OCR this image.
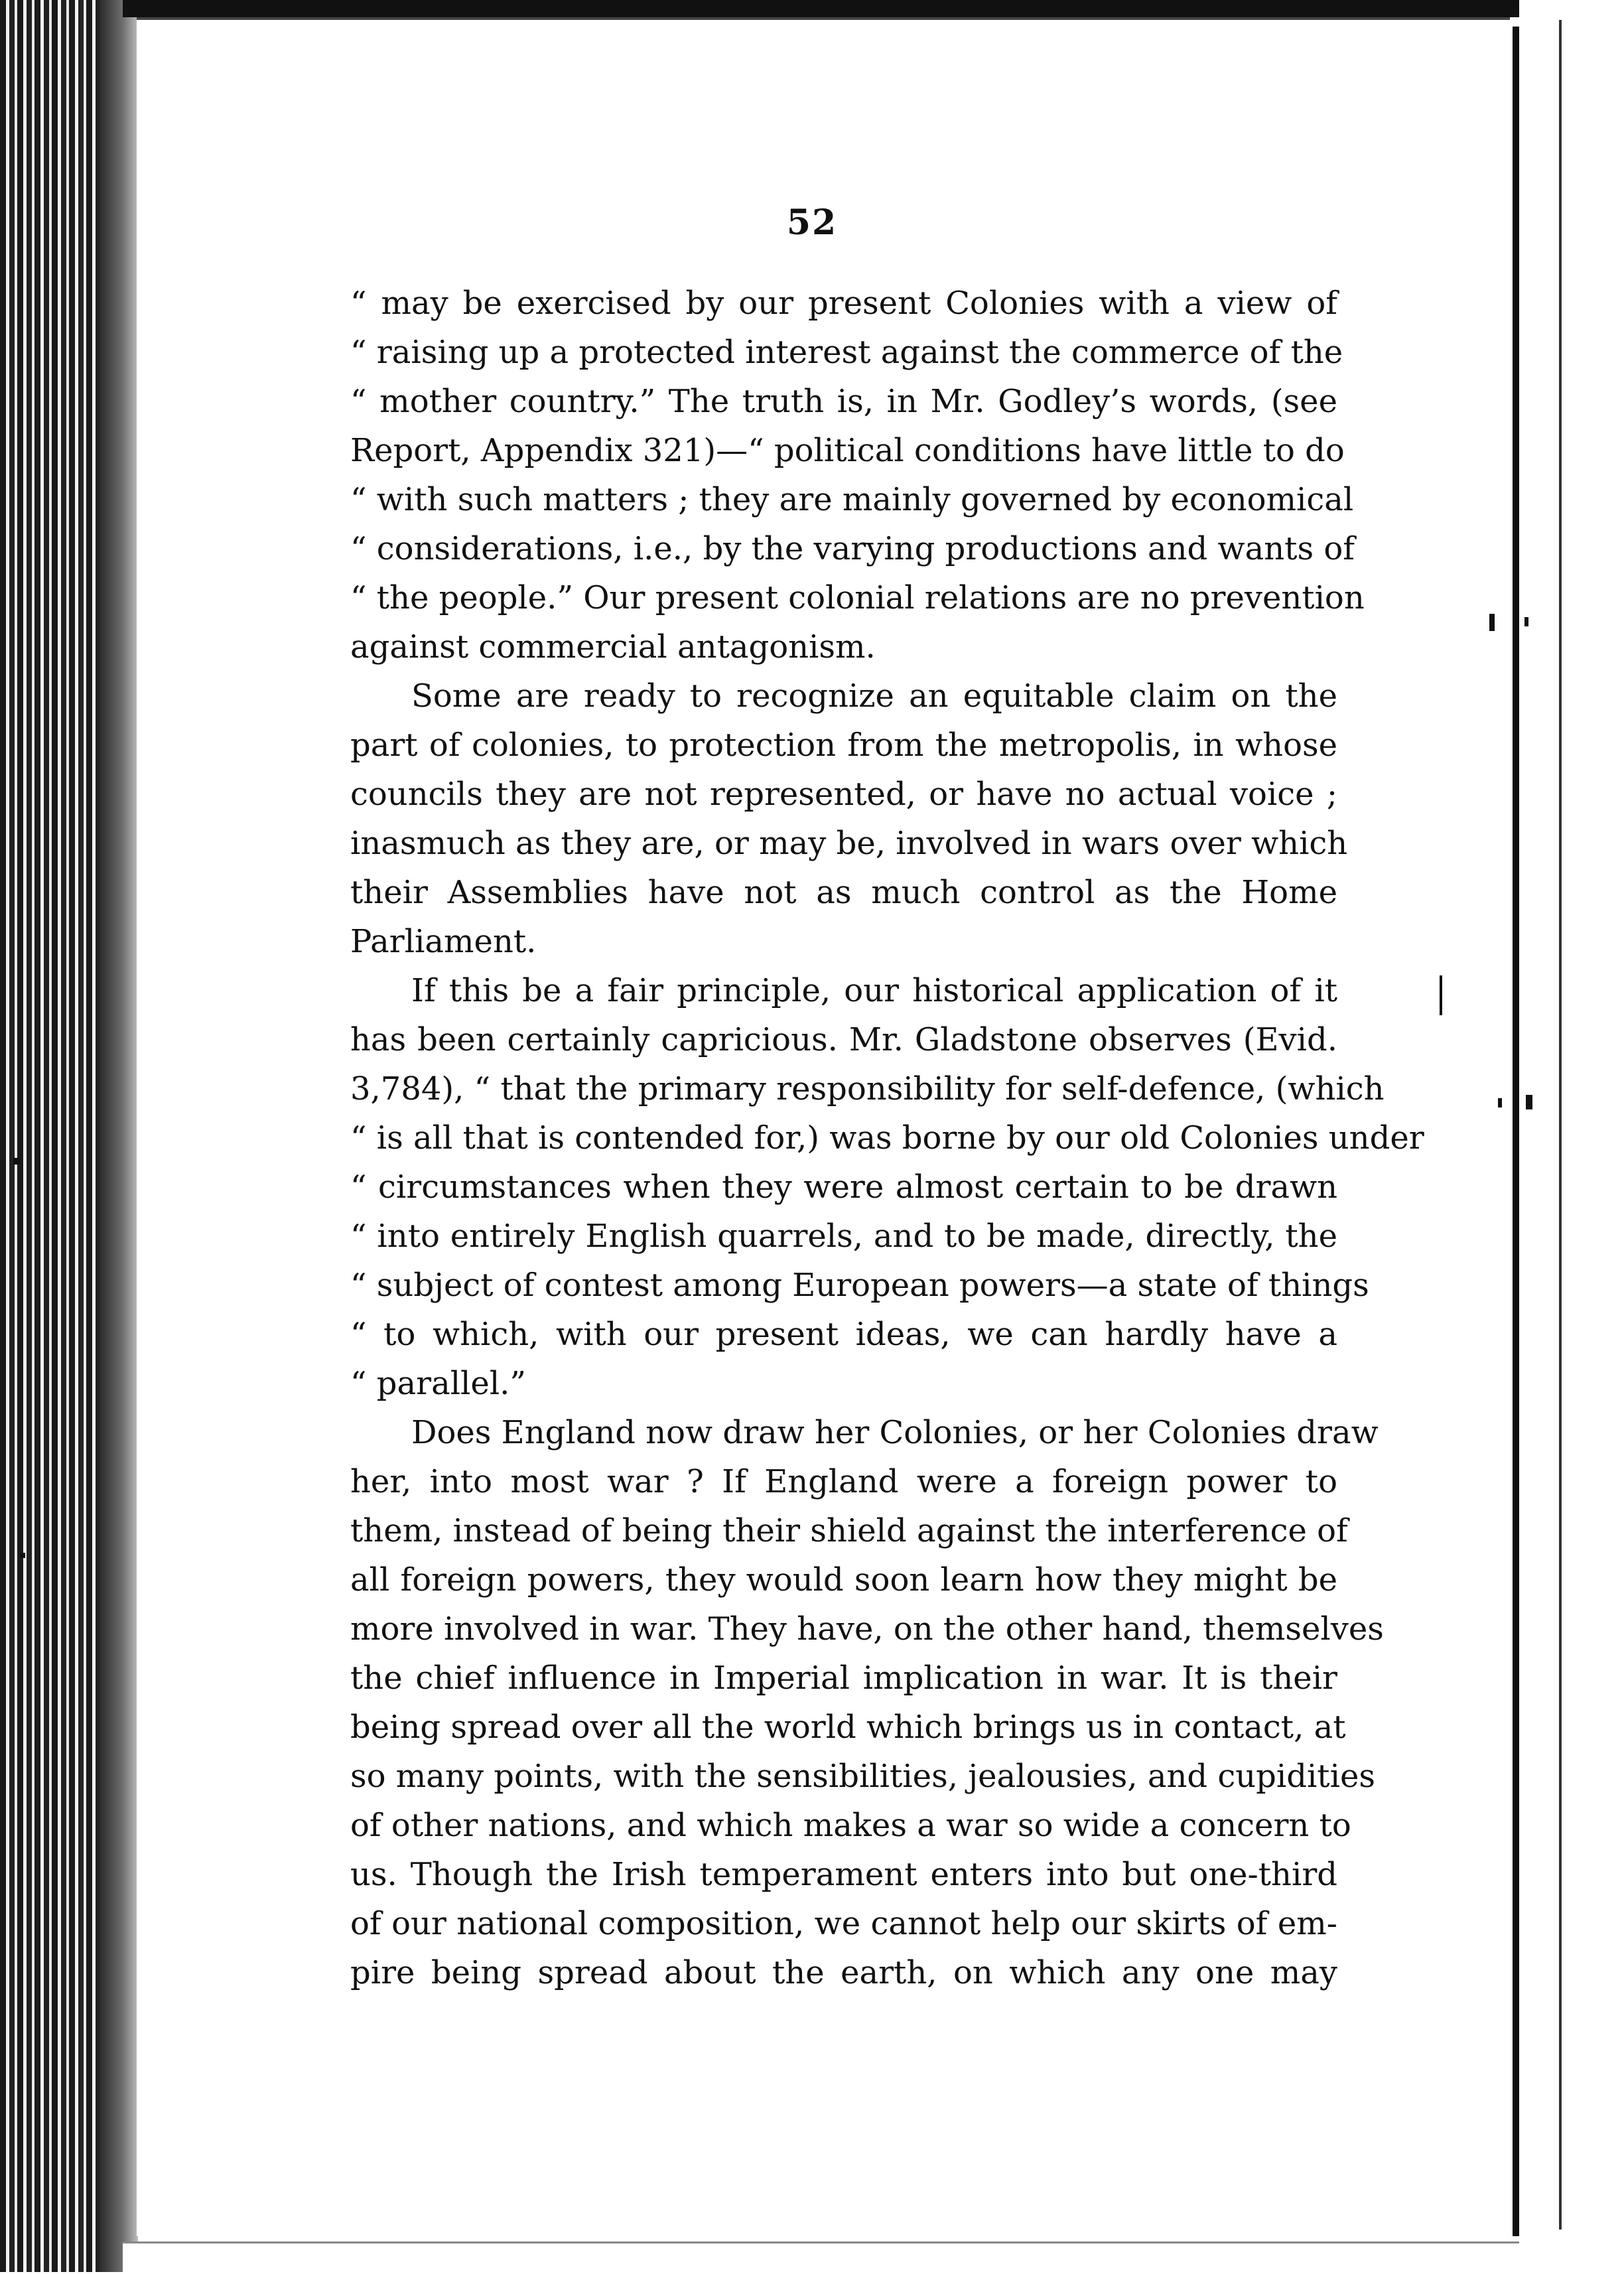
52
“ may be exercised by our present Colonies with a view of
“ raising up a protected interest against the commerce of the
“ mother country.” The truth is, in Mr. Godley’s words, (see
Report, Appendix 321)—“ political conditions have little to do
“ with such matters ; they are mainly governed by economical
“ considerations, i.e., by the varying productions and wants of
“ the people.” Our present colonial relations are no prevention
against commercial antagonism.
Some are ready to recognize an equitable claim on the
part of colonies, to protection from the metropolis, in whose
councils they are not represented, or have no actual voice ;
inasmuch as they are, or may be, involved in wars over which
their Assemblies have not as much control as the Home
Parliament.
If this be a fair principle, our historical application of it
has been certainly capricious. Mr. Gladstone observes (Evid.
3,784), “ that the primary responsibility for self-defence, (which
“ is all that is contended for,) was borne by our old Colonies under
“ circumstances when they were almost certain to be drawn
“ into entirely English quarrels, and to be made, directly, the
“ subject of contest among European powers—a state of things
“ to which, with our present ideas, we can hardly have a
“ parallel.”
Does England now draw her Colonies, or her Colonies draw
her, into most war ? If England were a foreign power to
them, instead of being their shield against the interference of
all foreign powers, they would soon learn how they might be
more involved in war. They have, on the other hand, themselves
the chief influence in Imperial implication in war. It is their
being spread over all the world which brings us in contact, at
so many points, with the sensibilities, jealousies, and cupidities
of other nations, and which makes a war so wide a concern to
us. Though the Irish temperament enters into but one-third
of our national composition, we cannot help our skirts of em-
pire being spread about the earth, on which any one may
